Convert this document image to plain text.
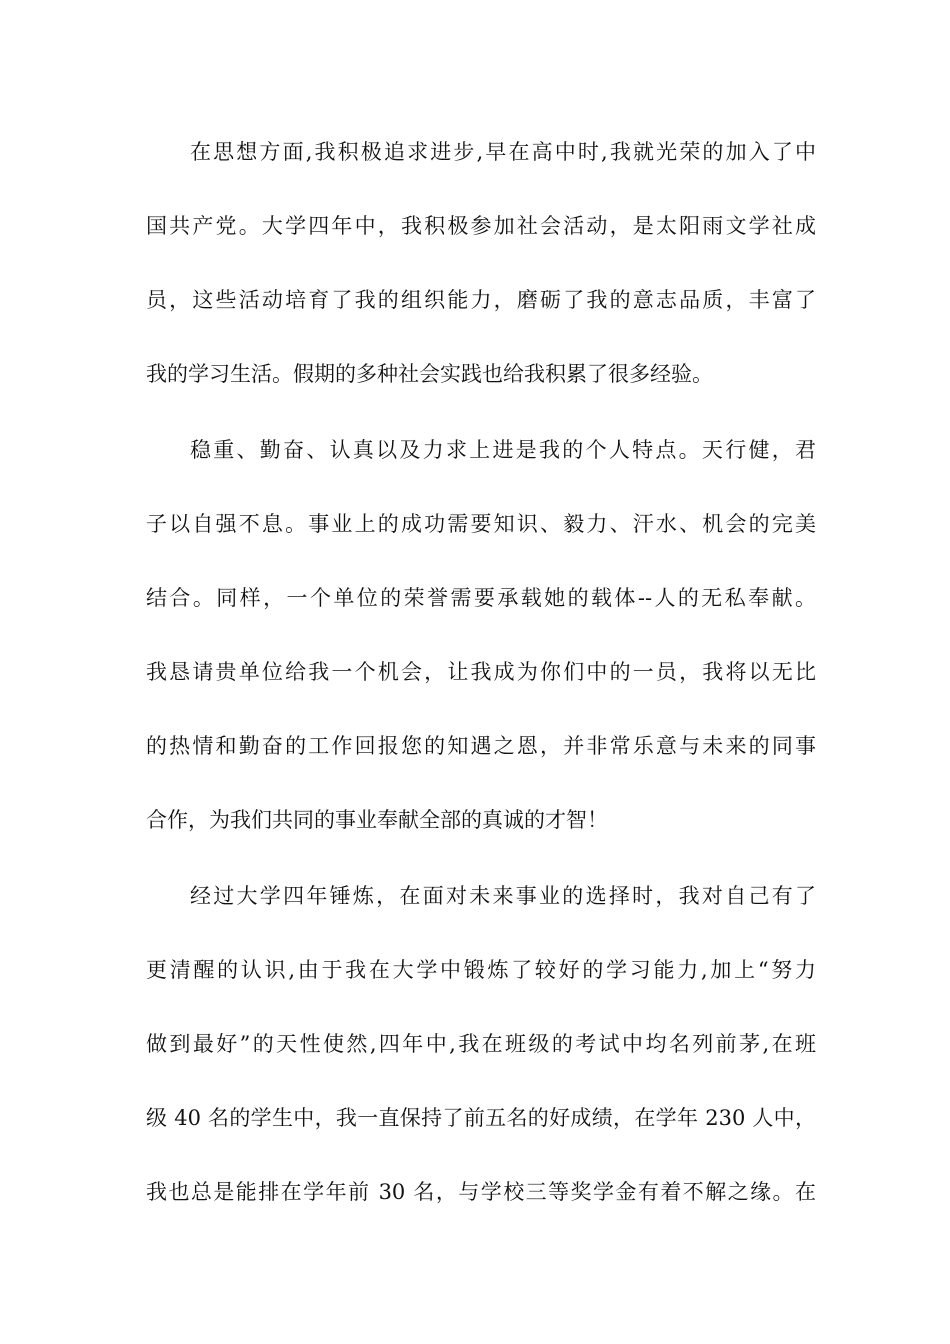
在思想方面,我积极追求进步,早在高中时,我就光荣的加入了中
国共产党。大学四年中，我积极参加社会活动，是太阳雨文学社成
员，这些活动培育了我的组织能力，磨砺了我的意志品质，丰富了
我的学习生活。假期的多种社会实践也给我积累了很多经验。
稳重、勤奋、认真以及力求上进是我的个人特点。天行健，君
子以自强不息。事业上的成功需要知识、毅力、汗水、机会的完美
结合。同样，一个单位的荣誉需要承载她的载体--人的无私奉献。
我恳请贵单位给我一个机会，让我成为你们中的一员，我将以无比
的热情和勤奋的工作回报您的知遇之恩，并非常乐意与未来的同事
合作，为我们共同的事业奉献全部的真诚的才智！
经过大学四年锤炼，在面对未来事业的选择时，我对自己有了
更清醒的认识,由于我在大学中锻炼了较好的学习能力,加上“努力
做到最好”的天性使然,四年中,我在班级的考试中均名列前茅,在班
级 40 名的学生中，我一直保持了前五名的好成绩，在学年 230 人中，
我也总是能排在学年前 30 名，与学校三等奖学金有着不解之缘。在
